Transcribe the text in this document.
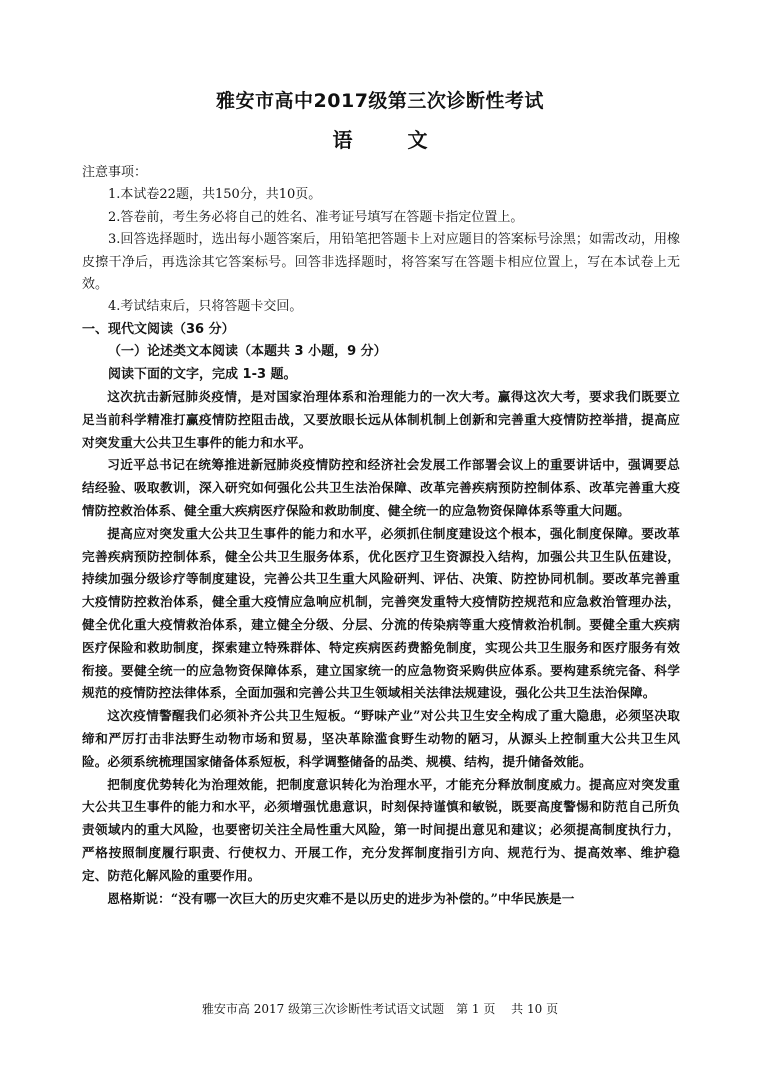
雅安市高中2017级第三次诊断性考试
语 文

注意事项：

1.本试卷22题，共150分，共10页。

2.答卷前，考生务必将自己的姓名、准考证号填写在答题卡指定位置上。

3.回答选择题时，选出每小题答案后，用铅笔把答题卡上对应题目的答案标号涂黑；如需改动，用橡皮擦干净后，再选涂其它答案标号。回答非选择题时，将答案写在答题卡相应位置上，写在本试卷上无效。

4.考试结束后，只将答题卡交回。

一、现代文阅读（36 分）

（一）论述类文本阅读（本题共 3 小题，9 分）

阅读下面的文字，完成 1-3 题。

这次抗击新冠肺炎疫情，是对国家治理体系和治理能力的一次大考。赢得这次大考，要求我们既要立足当前科学精准打赢疫情防控阻击战，又要放眼长远从体制机制上创新和完善重大疫情防控举措，提高应对突发重大公共卫生事件的能力和水平。

习近平总书记在统筹推进新冠肺炎疫情防控和经济社会发展工作部署会议上的重要讲话中，强调要总结经验、吸取教训，深入研究如何强化公共卫生法治保障、改革完善疾病预防控制体系、改革完善重大疫情防控救治体系、健全重大疾病医疗保险和救助制度、健全统一的应急物资保障体系等重大问题。

提高应对突发重大公共卫生事件的能力和水平，必须抓住制度建设这个根本，强化制度保障。要改革完善疾病预防控制体系，健全公共卫生服务体系，优化医疗卫生资源投入结构，加强公共卫生队伍建设，持续加强分级诊疗等制度建设，完善公共卫生重大风险研判、评估、决策、防控协同机制。要改革完善重大疫情防控救治体系，健全重大疫情应急响应机制，完善突发重特大疫情防控规范和应急救治管理办法，健全优化重大疫情救治体系，建立健全分级、分层、分流的传染病等重大疫情救治机制。要健全重大疾病医疗保险和救助制度，探索建立特殊群体、特定疾病医药费豁免制度，实现公共卫生服务和医疗服务有效衔接。要健全统一的应急物资保障体系，建立国家统一的应急物资采购供应体系。要构建系统完备、科学规范的疫情防控法律体系，全面加强和完善公共卫生领域相关法律法规建设，强化公共卫生法治保障。

这次疫情警醒我们必须补齐公共卫生短板。“野味产业”对公共卫生安全构成了重大隐患，必须坚决取缔和严厉打击非法野生动物市场和贸易，坚决革除滥食野生动物的陋习，从源头上控制重大公共卫生风险。必须系统梳理国家储备体系短板，科学调整储备的品类、规模、结构，提升储备效能。

把制度优势转化为治理效能，把制度意识转化为治理水平，才能充分释放制度威力。提高应对突发重大公共卫生事件的能力和水平，必须增强忧患意识，时刻保持谨慎和敏锐，既要高度警惕和防范自己所负责领域内的重大风险，也要密切关注全局性重大风险，第一时间提出意见和建议；必须提高制度执行力，严格按照制度履行职责、行使权力、开展工作，充分发挥制度指引方向、规范行为、提高效率、维护稳定、防范化解风险的重要作用。

恩格斯说：“没有哪一次巨大的历史灾难不是以历史的进步为补偿的。”中华民族是一

雅安市高 2017 级第三次诊断性考试语文试题　第 1 页　 共 10 页
